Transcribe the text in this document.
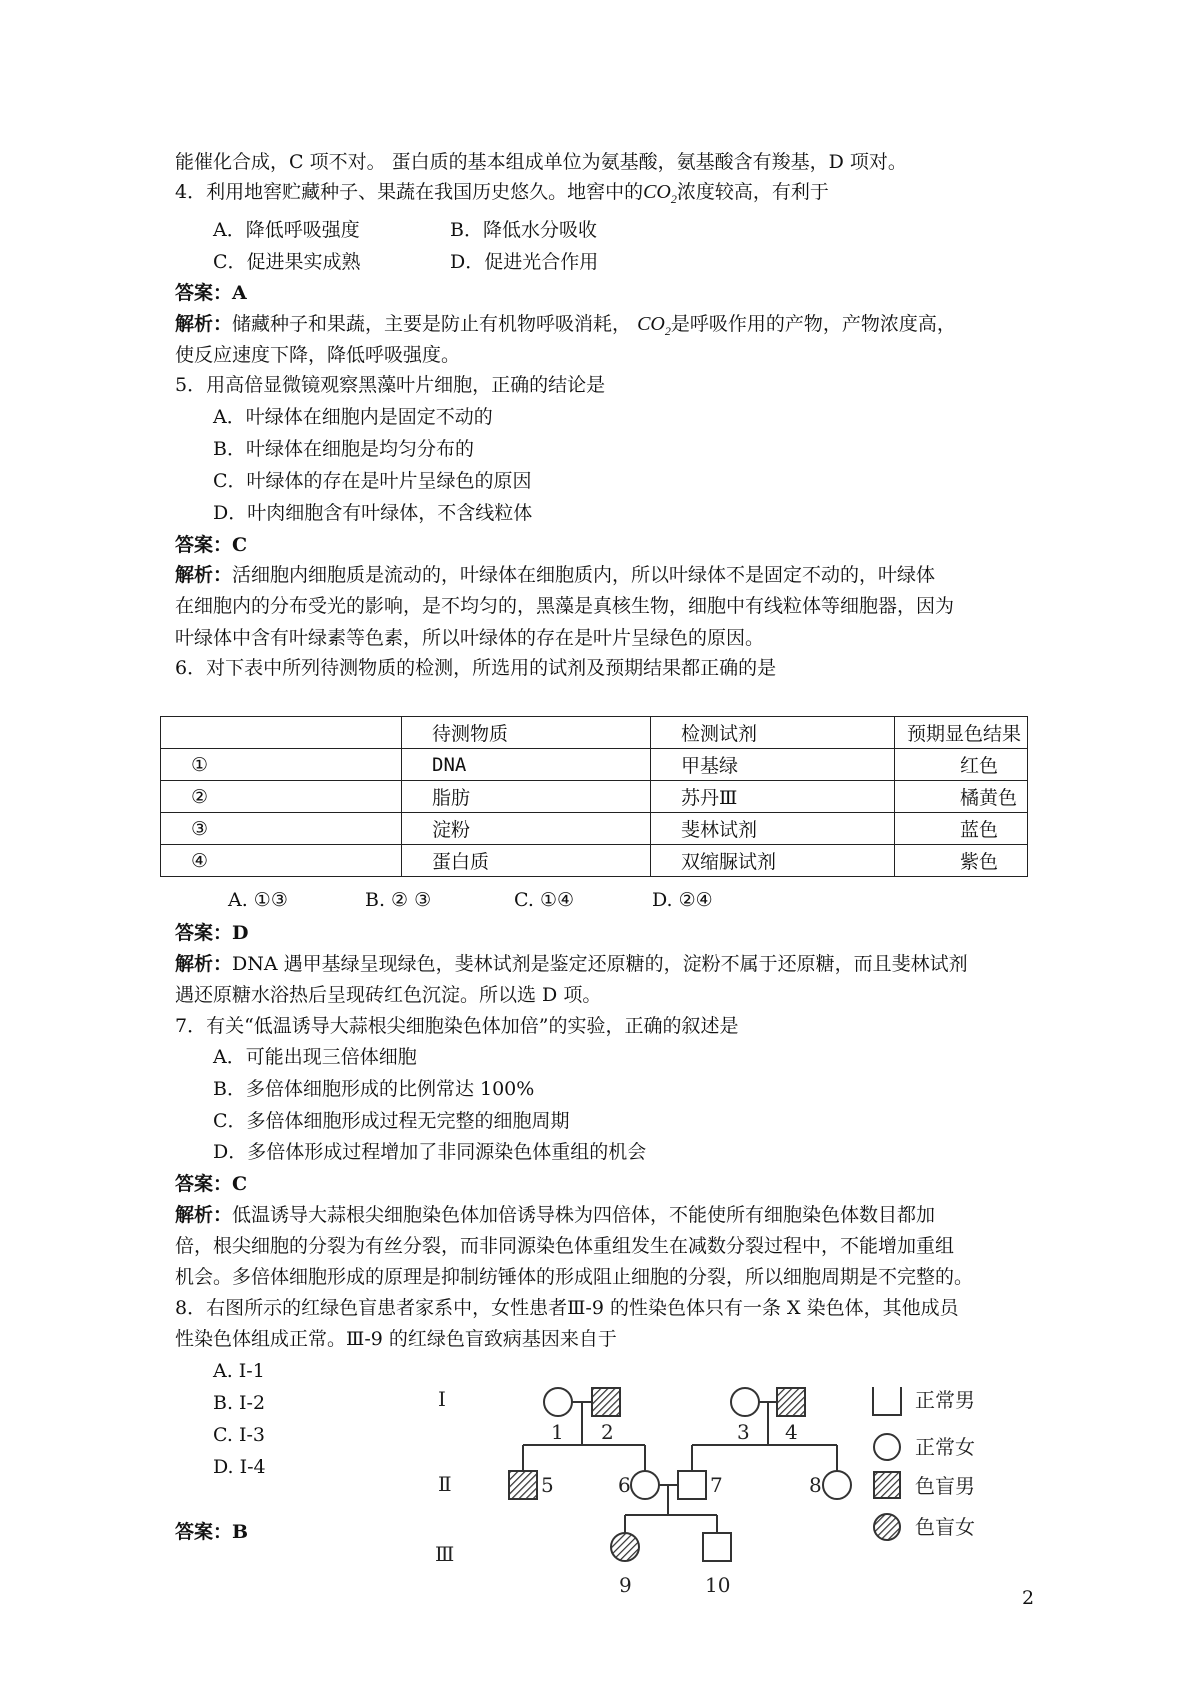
能催化合成，C 项不对。 蛋白质的基本组成单位为氨基酸，氨基酸含有羧基，D 项对。
4．利用地窖贮藏种子、果蔬在我国历史悠久。地窖中的$CO_2$浓度较高，有利于
A．降低呼吸强度	B．降低水分吸收
C．促进果实成熟	D．促进光合作用
答案：A
解析：储藏种子和果蔬，主要是防止有机物呼吸消耗， $CO_2$是呼吸作用的产物，产物浓度高，
使反应速度下降，降低呼吸强度。
5．用高倍显微镜观察黑藻叶片细胞，正确的结论是
A．叶绿体在细胞内是固定不动的
B．叶绿体在细胞是均匀分布的
C．叶绿体的存在是叶片呈绿色的原因
D．叶肉细胞含有叶绿体，不含线粒体
答案：C
解析：活细胞内细胞质是流动的，叶绿体在细胞质内，所以叶绿体不是固定不动的，叶绿体
在细胞内的分布受光的影响，是不均匀的，黑藻是真核生物，细胞中有线粒体等细胞器，因为
叶绿体中含有叶绿素等色素，所以叶绿体的存在是叶片呈绿色的原因。
6．对下表中所列待测物质的检测，所选用的试剂及预期结果都正确的是
	待测物质	检测试剂	预期显色结果
①	DNA	甲基绿	红色
②	脂肪	苏丹Ⅲ	橘黄色
③	淀粉	斐林试剂	蓝色
④	蛋白质	双缩脲试剂	紫色
A. ①③	B. ② ③	C. ①④	D. ②④
答案：D
解析：DNA 遇甲基绿呈现绿色，斐林试剂是鉴定还原糖的，淀粉不属于还原糖，而且斐林试剂
遇还原糖水浴热后呈现砖红色沉淀。所以选 D 项。
7．有关“低温诱导大蒜根尖细胞染色体加倍”的实验，正确的叙述是
A．可能出现三倍体细胞
B．多倍体细胞形成的比例常达 100%
C．多倍体细胞形成过程无完整的细胞周期
D．多倍体形成过程增加了非同源染色体重组的机会
答案：C
解析：低温诱导大蒜根尖细胞染色体加倍诱导株为四倍体，不能使所有细胞染色体数目都加
倍，根尖细胞的分裂为有丝分裂，而非同源染色体重组发生在减数分裂过程中，不能增加重组
机会。多倍体细胞形成的原理是抑制纺锤体的形成阻止细胞的分裂，所以细胞周期是不完整的。
8．右图所示的红绿色盲患者家系中，女性患者Ⅲ-9 的性染色体只有一条 X 染色体，其他成员
性染色体组成正常。Ⅲ-9 的红绿色盲致病基因来自于
A. Ⅰ-1
B. Ⅰ-2
C. Ⅰ-3
D. Ⅰ-4
答案：B
Ⅰ
Ⅱ
Ⅲ
1 2	3 4
5	6	7	8
9	10
正常男
正常女
色盲男
色盲女
2
